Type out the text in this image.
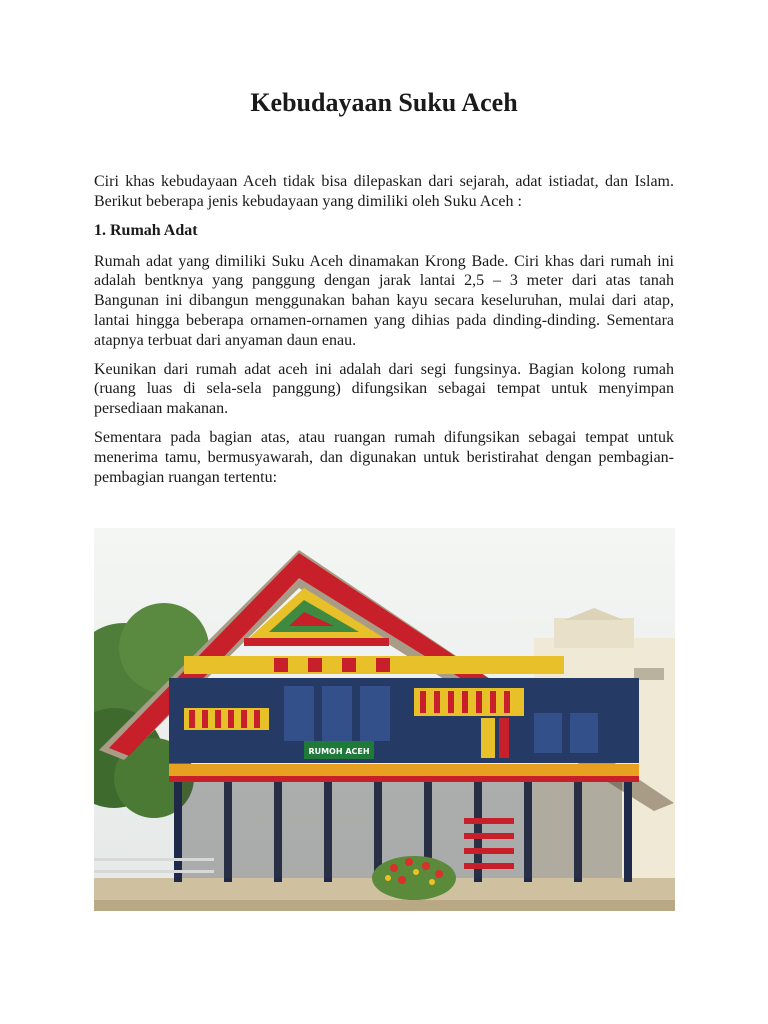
Kebudayaan Suku Aceh

Ciri khas kebudayaan Aceh tidak bisa dilepaskan dari sejarah, adat istiadat, dan Islam. Berikut beberapa jenis kebudayaan yang dimiliki oleh Suku Aceh :

1. Rumah Adat

Rumah adat yang dimiliki Suku Aceh dinamakan Krong Bade. Ciri khas dari rumah ini adalah bentknya yang panggung dengan jarak lantai 2,5 – 3 meter dari atas tanah Bangunan ini dibangun menggunakan bahan kayu secara keseluruhan, mulai dari atap, lantai hingga beberapa ornamen-ornamen yang dihias pada dinding-dinding. Sementara atapnya terbuat dari anyaman daun enau.

Keunikan dari rumah adat aceh ini adalah dari segi fungsinya. Bagian kolong rumah (ruang luas di sela-sela panggung) difungsikan sebagai tempat untuk menyimpan persediaan makanan.

Sementara pada bagian atas, atau ruangan rumah difungsikan sebagai tempat untuk menerima tamu, bermusyawarah, dan digunakan untuk beristirahat dengan pembagian-pembagian ruangan tertentu:

RUMOH ACEH
